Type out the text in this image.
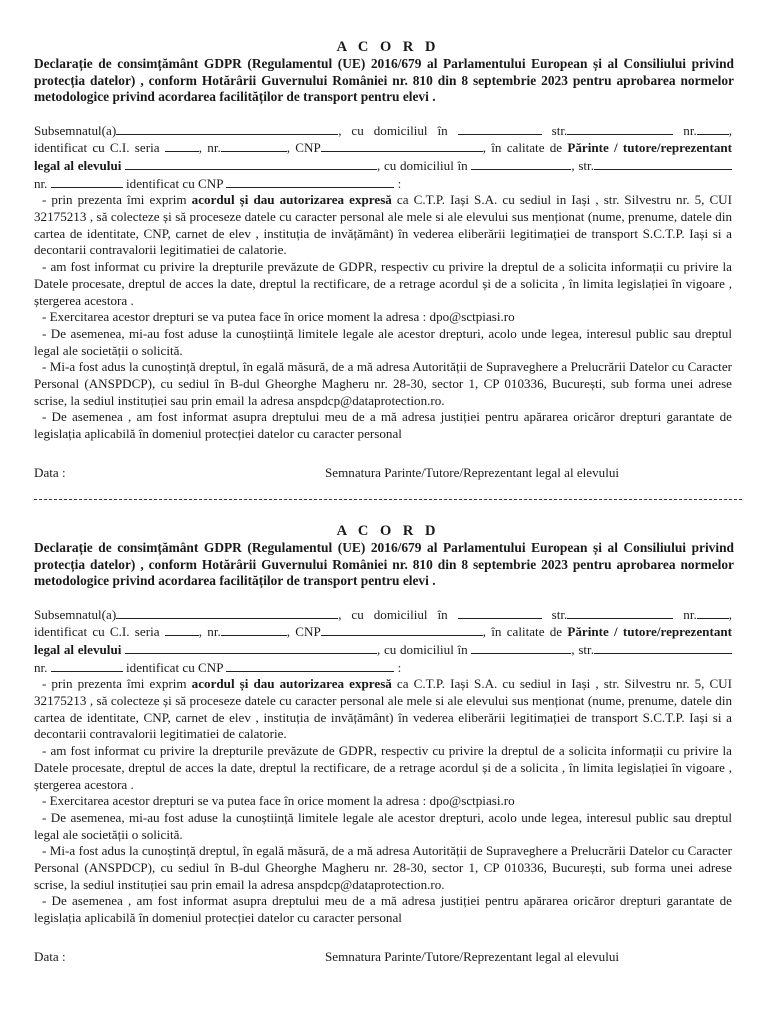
A C O R D

Declarație de consimțământ GDPR (Regulamentul (UE) 2016/679 al Parlamentului European și al Consiliului privind protecția datelor) , conform Hotărârii Guvernului României nr. 810 din 8 septembrie 2023 pentru aprobarea normelor metodologice privind acordarea facilităților de transport pentru elevi .

Subsemnatul(a)	, cu domiciliul în	str.	nr. , identificat cu C.I. seria	, nr.	, CNP	, în calitate de Părinte / tutore/reprezentant legal al elevului	, cu domiciliul în	, str. nr.	identificat cu CNP	:

- prin prezenta îmi exprim acordul și dau autorizarea expresă ca C.T.P. Iași S.A. cu sediul in Iași , str. Silvestru nr. 5, CUI 32175213 , să colecteze și să proceseze datele cu caracter personal ale mele si ale elevului sus menționat (nume, prenume, datele din cartea de identitate, CNP, carnet de elev , instituția de invățământ) în vederea eliberării legitimației de transport S.C.T.P. Iași si a decontarii contravalorii legitimatiei de calatorie.

- am fost informat cu privire la drepturile prevăzute de GDPR, respectiv cu privire la dreptul de a solicita informații cu privire la Datele procesate, dreptul de acces la date, dreptul la rectificare, de a retrage acordul și de a solicita , în limita legislației în vigoare , ștergerea acestora .

- Exercitarea acestor drepturi se va putea face în orice moment la adresa : dpo@sctpiasi.ro

- De asemenea, mi-au fost aduse la cunoștiință limitele legale ale acestor drepturi, acolo unde legea, interesul public sau dreptul legal ale societății o solicită.

- Mi-a fost adus la cunoștință dreptul, în egală măsură, de a mă adresa Autorității de Supraveghere a Prelucrării Datelor cu Caracter Personal (ANSPDCP), cu sediul în B-dul Gheorghe Magheru nr. 28-30, sector 1, CP 010336, București, sub forma unei adrese scrise, la sediul instituției sau prin email la adresa anspdcp@dataprotection.ro.

- De asemenea , am fost informat asupra dreptului meu de a mă adresa justiției pentru apărarea oricăror drepturi garantate de legislația aplicabilă în domeniul protecției datelor cu caracter personal

Data :	Semnatura Parinte/Tutore/Reprezentant legal al elevului
A C O R D

Declarație de consimțământ GDPR (Regulamentul (UE) 2016/679 al Parlamentului European și al Consiliului privind protecția datelor) , conform Hotărârii Guvernului României nr. 810 din 8 septembrie 2023 pentru aprobarea normelor metodologice privind acordarea facilităților de transport pentru elevi .

Subsemnatul(a)	, cu domiciliul în	str.	nr. , identificat cu C.I. seria	, nr.	, CNP	, în calitate de Părinte / tutore/reprezentant legal al elevului	, cu domiciliul în	, str. nr.	identificat cu CNP	:

- prin prezenta îmi exprim acordul și dau autorizarea expresă ca C.T.P. Iași S.A. cu sediul in Iași , str. Silvestru nr. 5, CUI 32175213 , să colecteze și să proceseze datele cu caracter personal ale mele si ale elevului sus menționat (nume, prenume, datele din cartea de identitate, CNP, carnet de elev , instituția de invățământ) în vederea eliberării legitimației de transport S.C.T.P. Iași si a decontarii contravalorii legitimatiei de calatorie.

- am fost informat cu privire la drepturile prevăzute de GDPR, respectiv cu privire la dreptul de a solicita informații cu privire la Datele procesate, dreptul de acces la date, dreptul la rectificare, de a retrage acordul și de a solicita , în limita legislației în vigoare , ștergerea acestora .

- Exercitarea acestor drepturi se va putea face în orice moment la adresa : dpo@sctpiasi.ro

- De asemenea, mi-au fost aduse la cunoștiință limitele legale ale acestor drepturi, acolo unde legea, interesul public sau dreptul legal ale societății o solicită.

- Mi-a fost adus la cunoștință dreptul, în egală măsură, de a mă adresa Autorității de Supraveghere a Prelucrării Datelor cu Caracter Personal (ANSPDCP), cu sediul în B-dul Gheorghe Magheru nr. 28-30, sector 1, CP 010336, București, sub forma unei adrese scrise, la sediul instituției sau prin email la adresa anspdcp@dataprotection.ro.

- De asemenea , am fost informat asupra dreptului meu de a mă adresa justiției pentru apărarea oricăror drepturi garantate de legislația aplicabilă în domeniul protecției datelor cu caracter personal

Data :	Semnatura Parinte/Tutore/Reprezentant legal al elevului
